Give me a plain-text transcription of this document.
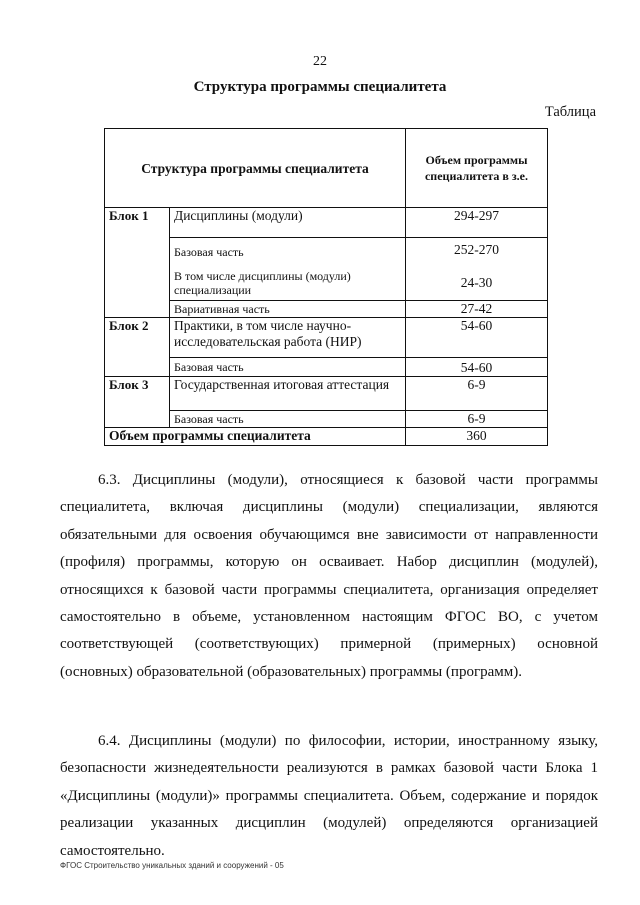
22
Структура программы специалитета
Таблица
Структура программы специалитета		Объем программы специалитета в з.е.
Блок 1	Дисциплины (модули)	294-297
	Базовая часть	252-270
	В том числе дисциплины (модули) специализации	24-30
	Вариативная часть	27-42
Блок 2	Практики, в том числе научно-исследовательская работа (НИР)	54-60
	Базовая часть	54-60
Блок 3	Государственная итоговая аттестация	6-9
	Базовая часть	6-9
Объем программы специалитета		360

6.3. Дисциплины (модули), относящиеся к базовой части программы специалитета, включая дисциплины (модули) специализации, являются обязательными для освоения обучающимся вне зависимости от направленности (профиля) программы, которую он осваивает. Набор дисциплин (модулей), относящихся к базовой части программы специалитета, организация определяет самостоятельно в объеме, установленном настоящим ФГОС ВО, с учетом соответствующей (соответствующих) примерной (примерных) основной (основных) образовательной (образовательных) программы (программ).

6.4. Дисциплины (модули) по философии, истории, иностранному языку, безопасности жизнедеятельности реализуются в рамках базовой части Блока 1 «Дисциплины (модули)» программы специалитета. Объем, содержание и порядок реализации указанных дисциплин (модулей) определяются организацией самостоятельно.

ФГОС Строительство уникальных зданий и сооружений - 05
